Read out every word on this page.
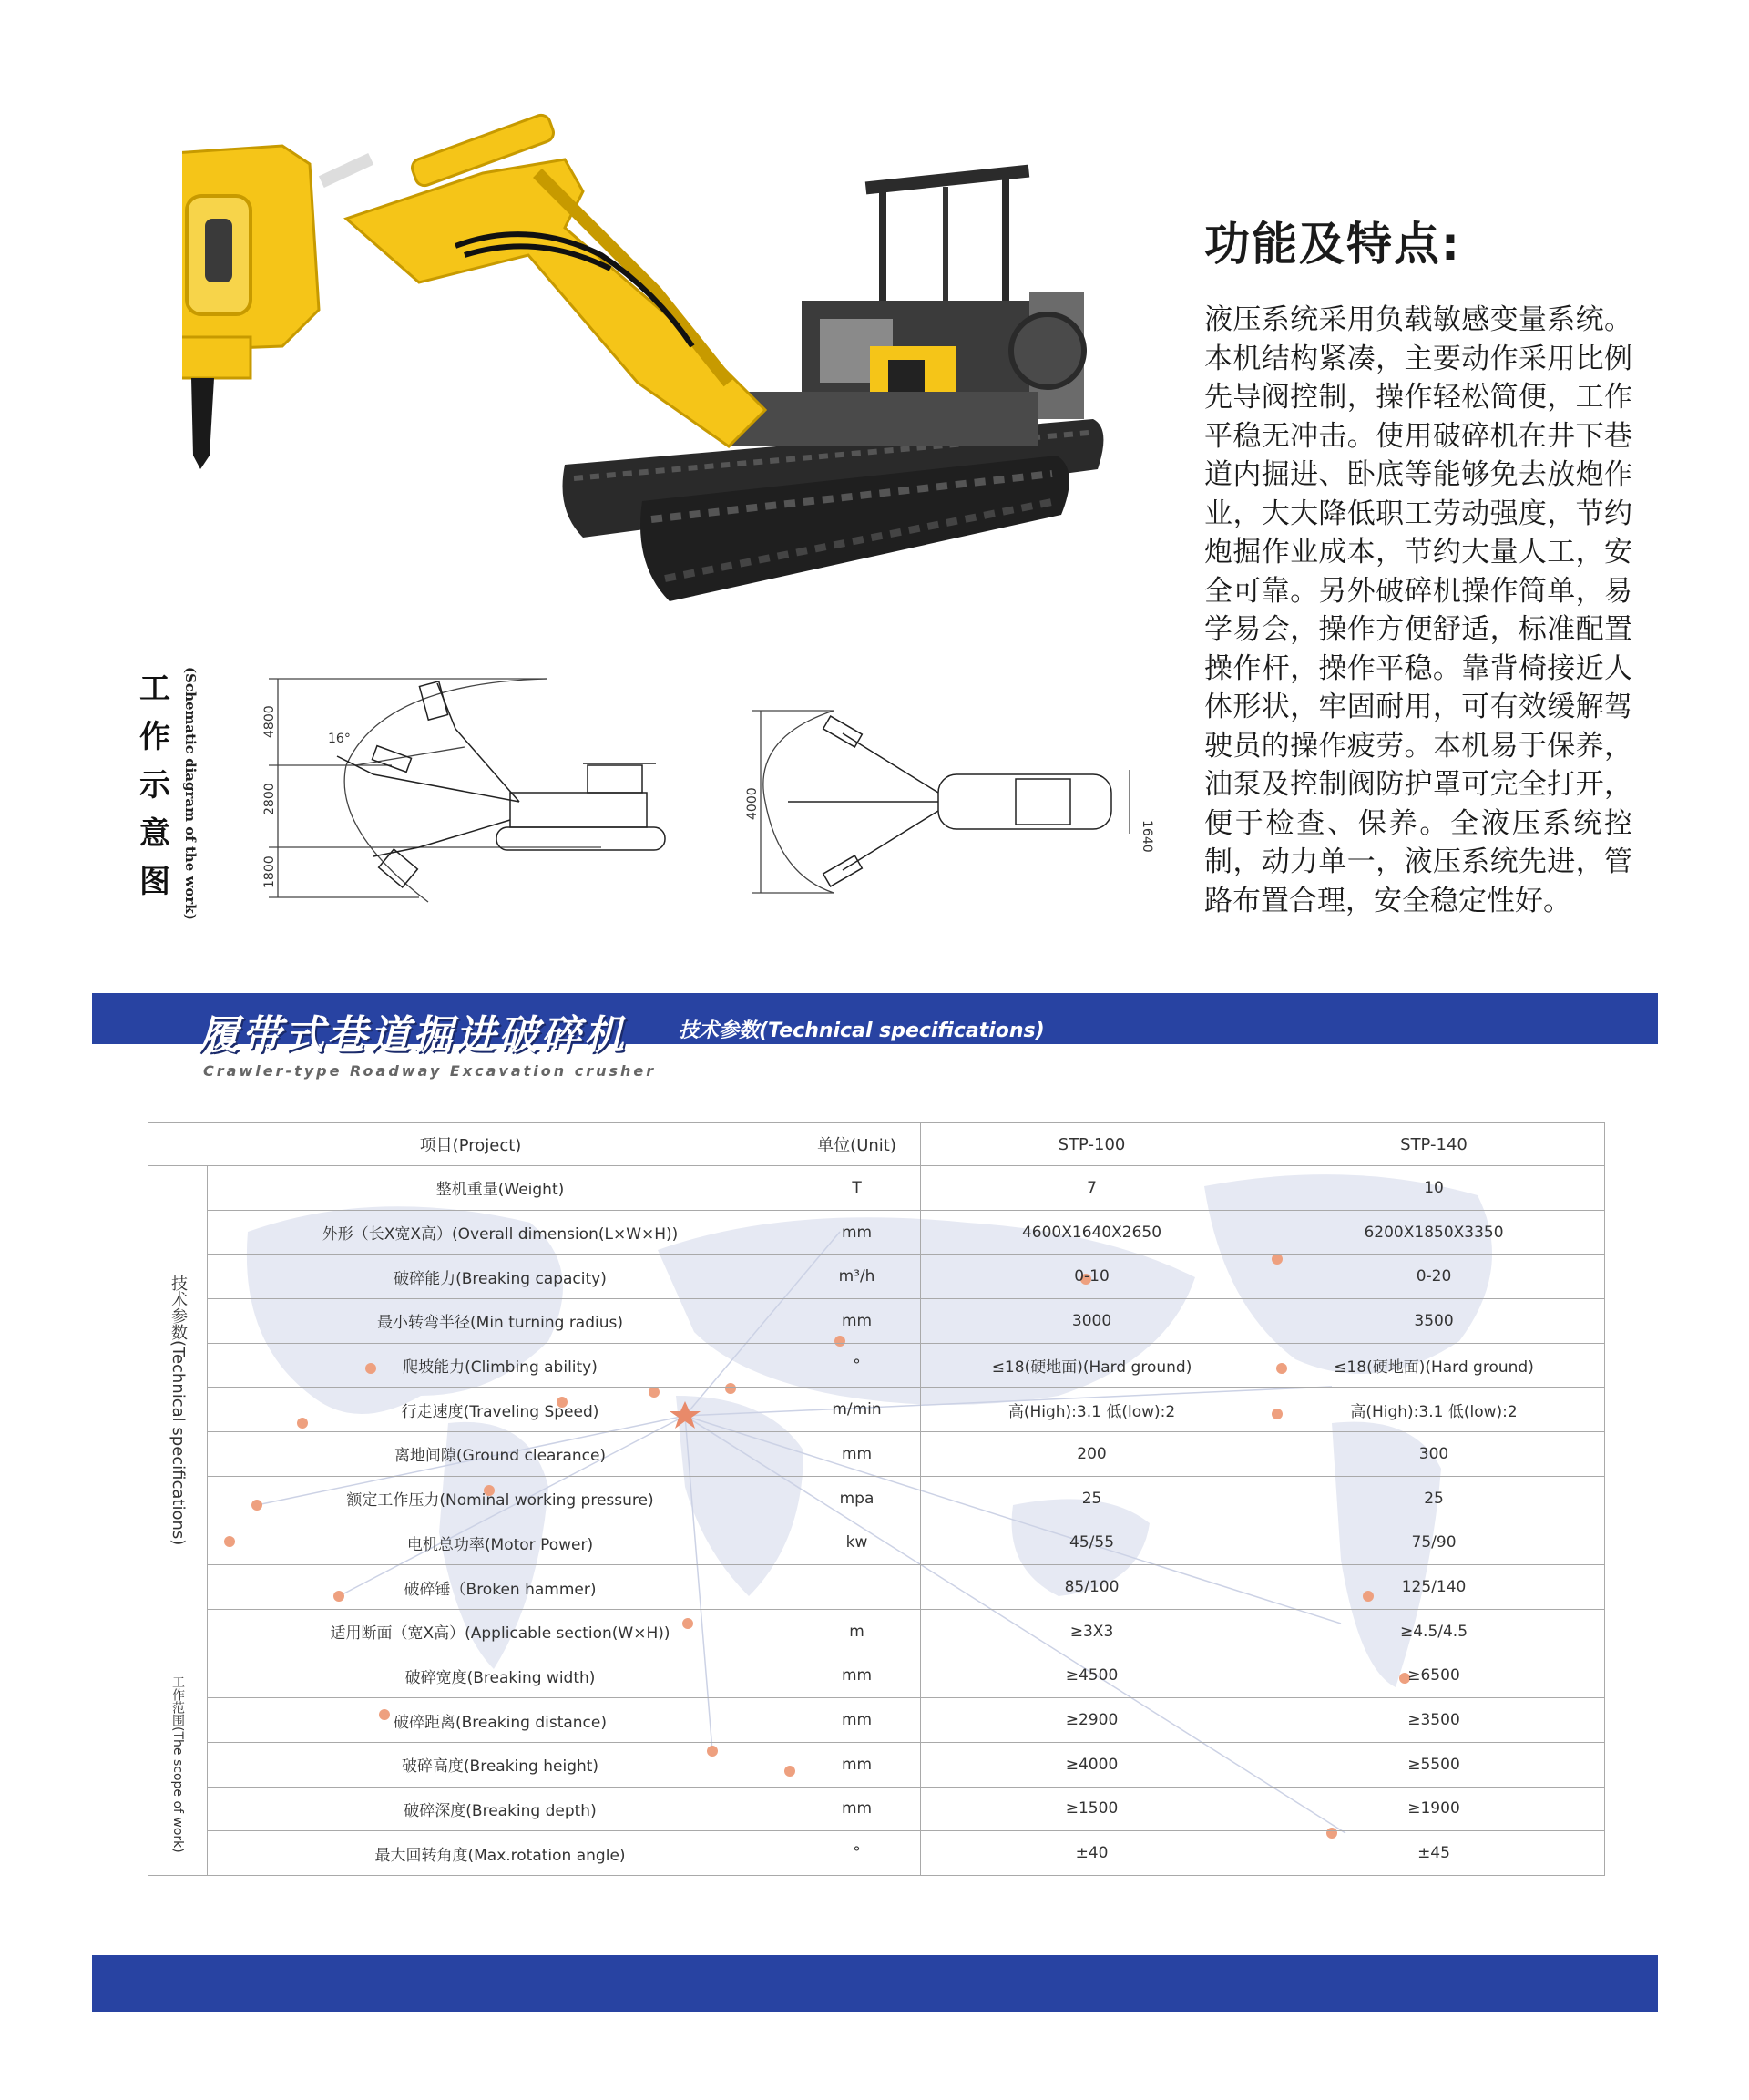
功能及特点:
液压系统采用负载敏感变量系统。本机结构紧凑，主要动作采用比例先导阀控制，操作轻松简便，工作平稳无冲击。使用破碎机在井下巷道内掘进、卧底等能够免去放炮作业，大大降低职工劳动强度，节约炮掘作业成本，节约大量人工，安全可靠。另外破碎机操作简单，易学易会，操作方便舒适，标准配置操作杆，操作平稳。靠背椅接近人体形状，牢固耐用，可有效缓解驾驶员的操作疲劳。本机易于保养，油泵及控制阀防护罩可完全打开，便于检查、保养。全液压系统控制，动力单一，液压系统先进，管路布置合理，安全稳定性好。
工
作
示
意
图 (Schematic diagram of the work)	4800
2800
1800
16°
4000
1640
履带式巷道掘进破碎机	技术参数(Technical specifications)
Crawler-type Roadway Excavation crusher
项目(Project)		单位(Unit)	STP-100	STP-140

技术参数(Technical specifications)	整机重量(Weight)	T	7	10
	外形（长X宽X高）(Overall dimension(L×W×H))	mm	4600X1640X2650	6200X1850X3350
	破碎能力(Breaking capacity)	m³/h	0-10	0-20
	最小转弯半径(Min turning radius)	mm	3000	3500
	爬坡能力(Climbing ability)	°	≤18(硬地面)(Hard ground)	≤18(硬地面)(Hard ground)
	行走速度(Traveling Speed)	m/min	高(High):3.1 低(low):2	高(High):3.1 低(low):2
	离地间隙(Ground clearance)	mm	200	300
	额定工作压力(Nominal working pressure)	mpa	25	25
	电机总功率(Motor Power)	kw	45/55	75/90
	破碎锤（Broken hammer)		85/100	125/140
	适用断面（宽X高）(Applicable section(W×H))	m	≥3X3	≥4.5/4.5

工作范围(The scope of work)	破碎宽度(Breaking width)	mm	≥4500	≥6500
	破碎距离(Breaking distance)	mm	≥2900	≥3500
	破碎高度(Breaking height)	mm	≥4000	≥5500
	破碎深度(Breaking depth)	mm	≥1500	≥1900
	最大回转角度(Max.rotation angle)	°	±40	±45
